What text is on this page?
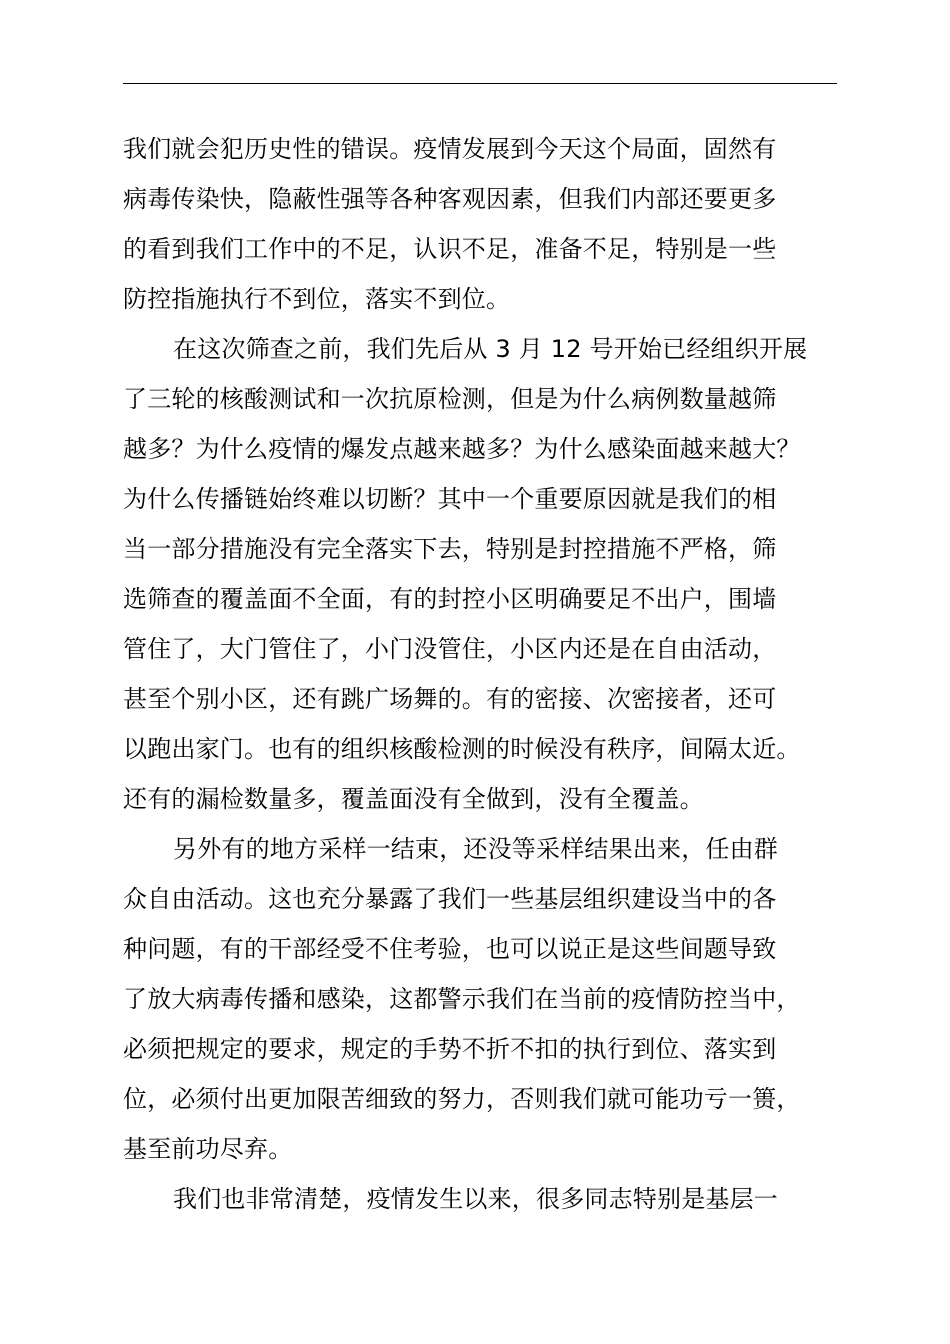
我们就会犯历史性的错误。疫情发展到今天这个局面，固然有
病毒传染快，隐蔽性强等各种客观因素，但我们内部还要更多
的看到我们工作中的不足，认识不足，准备不足，特别是一些
防控指施执行不到位，落实不到位。
在这次筛查之前，我们先后从 3 月 12 号开始已经组织开展
了三轮的核酸测试和一次抗原检测，但是为什么病例数量越筛
越多？为什么疫情的爆发点越来越多？为什么感染面越来越大？
为什么传播链始终难以切断？其中一个重要原因就是我们的相
当一部分措施没有完全落实下去，特别是封控措施不严格，筛
选筛查的覆盖面不全面，有的封控小区明确要足不出户，围墙
管住了，大门管住了，小门没管住，小区内还是在自由活动，
甚至个别小区，还有跳广场舞的。有的密接、次密接者，还可
以跑出家门。也有的组织核酸检测的时候没有秩序，间隔太近。
还有的漏检数量多，覆盖面没有全做到，没有全覆盖。
另外有的地方采样一结束，还没等采样结果出来，任由群
众自由活动。这也充分暴露了我们一些基层组织建设当中的各
种问题，有的干部经受不住考验，也可以说正是这些间题导致
了放大病毒传播和感染，这都警示我们在当前的疫情防控当中，
必须把规定的要求，规定的手势不折不扣的执行到位、落实到
位，必须付出更加限苦细致的努力，否则我们就可能功亏一篑，
基至前功尽弃。
我们也非常清楚，疫情发生以来，很多同志特别是基层一
